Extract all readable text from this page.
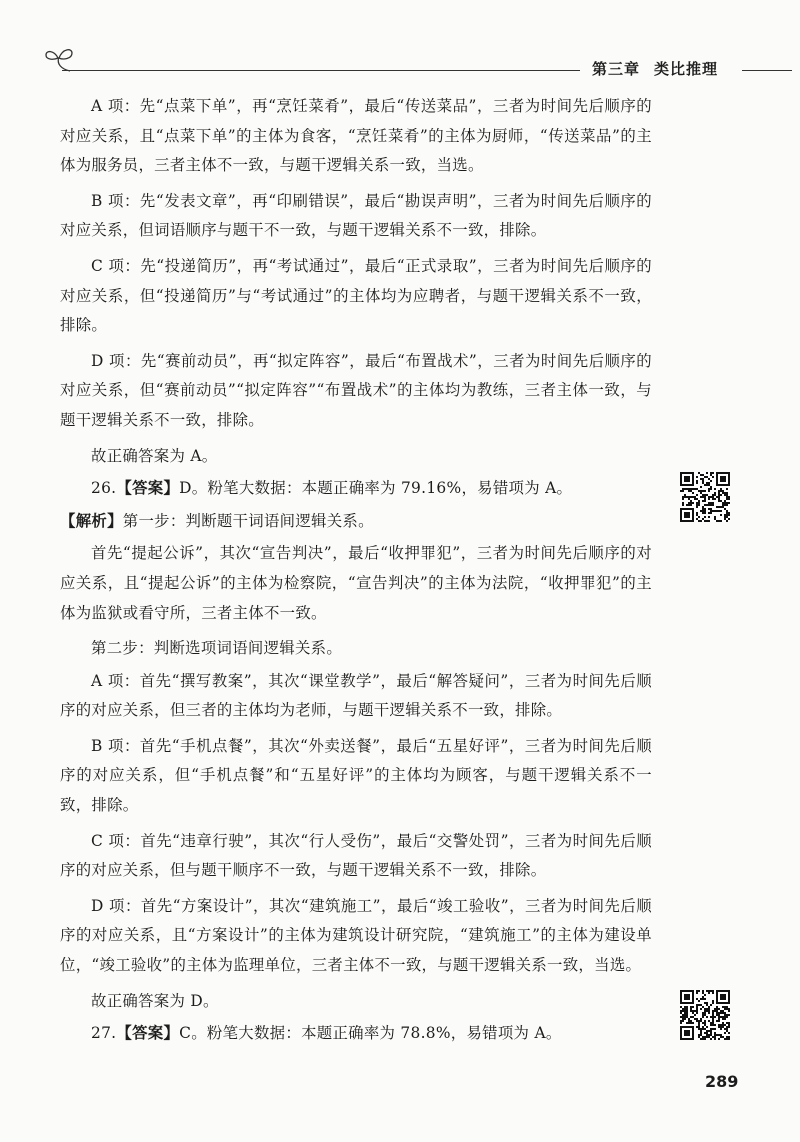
第三章 类比推理

A 项：先“点菜下单”，再“烹饪菜肴”，最后“传送菜品”，三者为时间先后顺序的对应关系，且“点菜下单”的主体为食客，“烹饪菜肴”的主体为厨师，“传送菜品”的主体为服务员，三者主体不一致，与题干逻辑关系一致，当选。

B 项：先“发表文章”，再“印刷错误”，最后“勘误声明”，三者为时间先后顺序的对应关系，但词语顺序与题干不一致，与题干逻辑关系不一致，排除。

C 项：先“投递简历”，再“考试通过”，最后“正式录取”，三者为时间先后顺序的对应关系，但“投递简历”与“考试通过”的主体均为应聘者，与题干逻辑关系不一致，排除。

D 项：先“赛前动员”，再“拟定阵容”，最后“布置战术”，三者为时间先后顺序的对应关系，但“赛前动员”“拟定阵容”“布置战术”的主体均为教练，三者主体一致，与题干逻辑关系不一致，排除。

故正确答案为 A。

26.【答案】D。粉笔大数据：本题正确率为 79.16%，易错项为 A。

【解析】第一步：判断题干词语间逻辑关系。

首先“提起公诉”，其次“宣告判决”，最后“收押罪犯”，三者为时间先后顺序的对应关系，且“提起公诉”的主体为检察院，“宣告判决”的主体为法院，“收押罪犯”的主体为监狱或看守所，三者主体不一致。

第二步：判断选项词语间逻辑关系。

A 项：首先“撰写教案”，其次“课堂教学”，最后“解答疑问”，三者为时间先后顺序的对应关系，但三者的主体均为老师，与题干逻辑关系不一致，排除。

B 项：首先“手机点餐”，其次“外卖送餐”，最后“五星好评”，三者为时间先后顺序的对应关系，但“手机点餐”和“五星好评”的主体均为顾客，与题干逻辑关系不一致，排除。

C 项：首先“违章行驶”，其次“行人受伤”，最后“交警处罚”，三者为时间先后顺序的对应关系，但与题干顺序不一致，与题干逻辑关系不一致，排除。

D 项：首先“方案设计”，其次“建筑施工”，最后“竣工验收”，三者为时间先后顺序的对应关系，且“方案设计”的主体为建筑设计研究院，“建筑施工”的主体为建设单位，“竣工验收”的主体为监理单位，三者主体不一致，与题干逻辑关系一致，当选。

故正确答案为 D。

27.【答案】C。粉笔大数据：本题正确率为 78.8%，易错项为 A。

289
